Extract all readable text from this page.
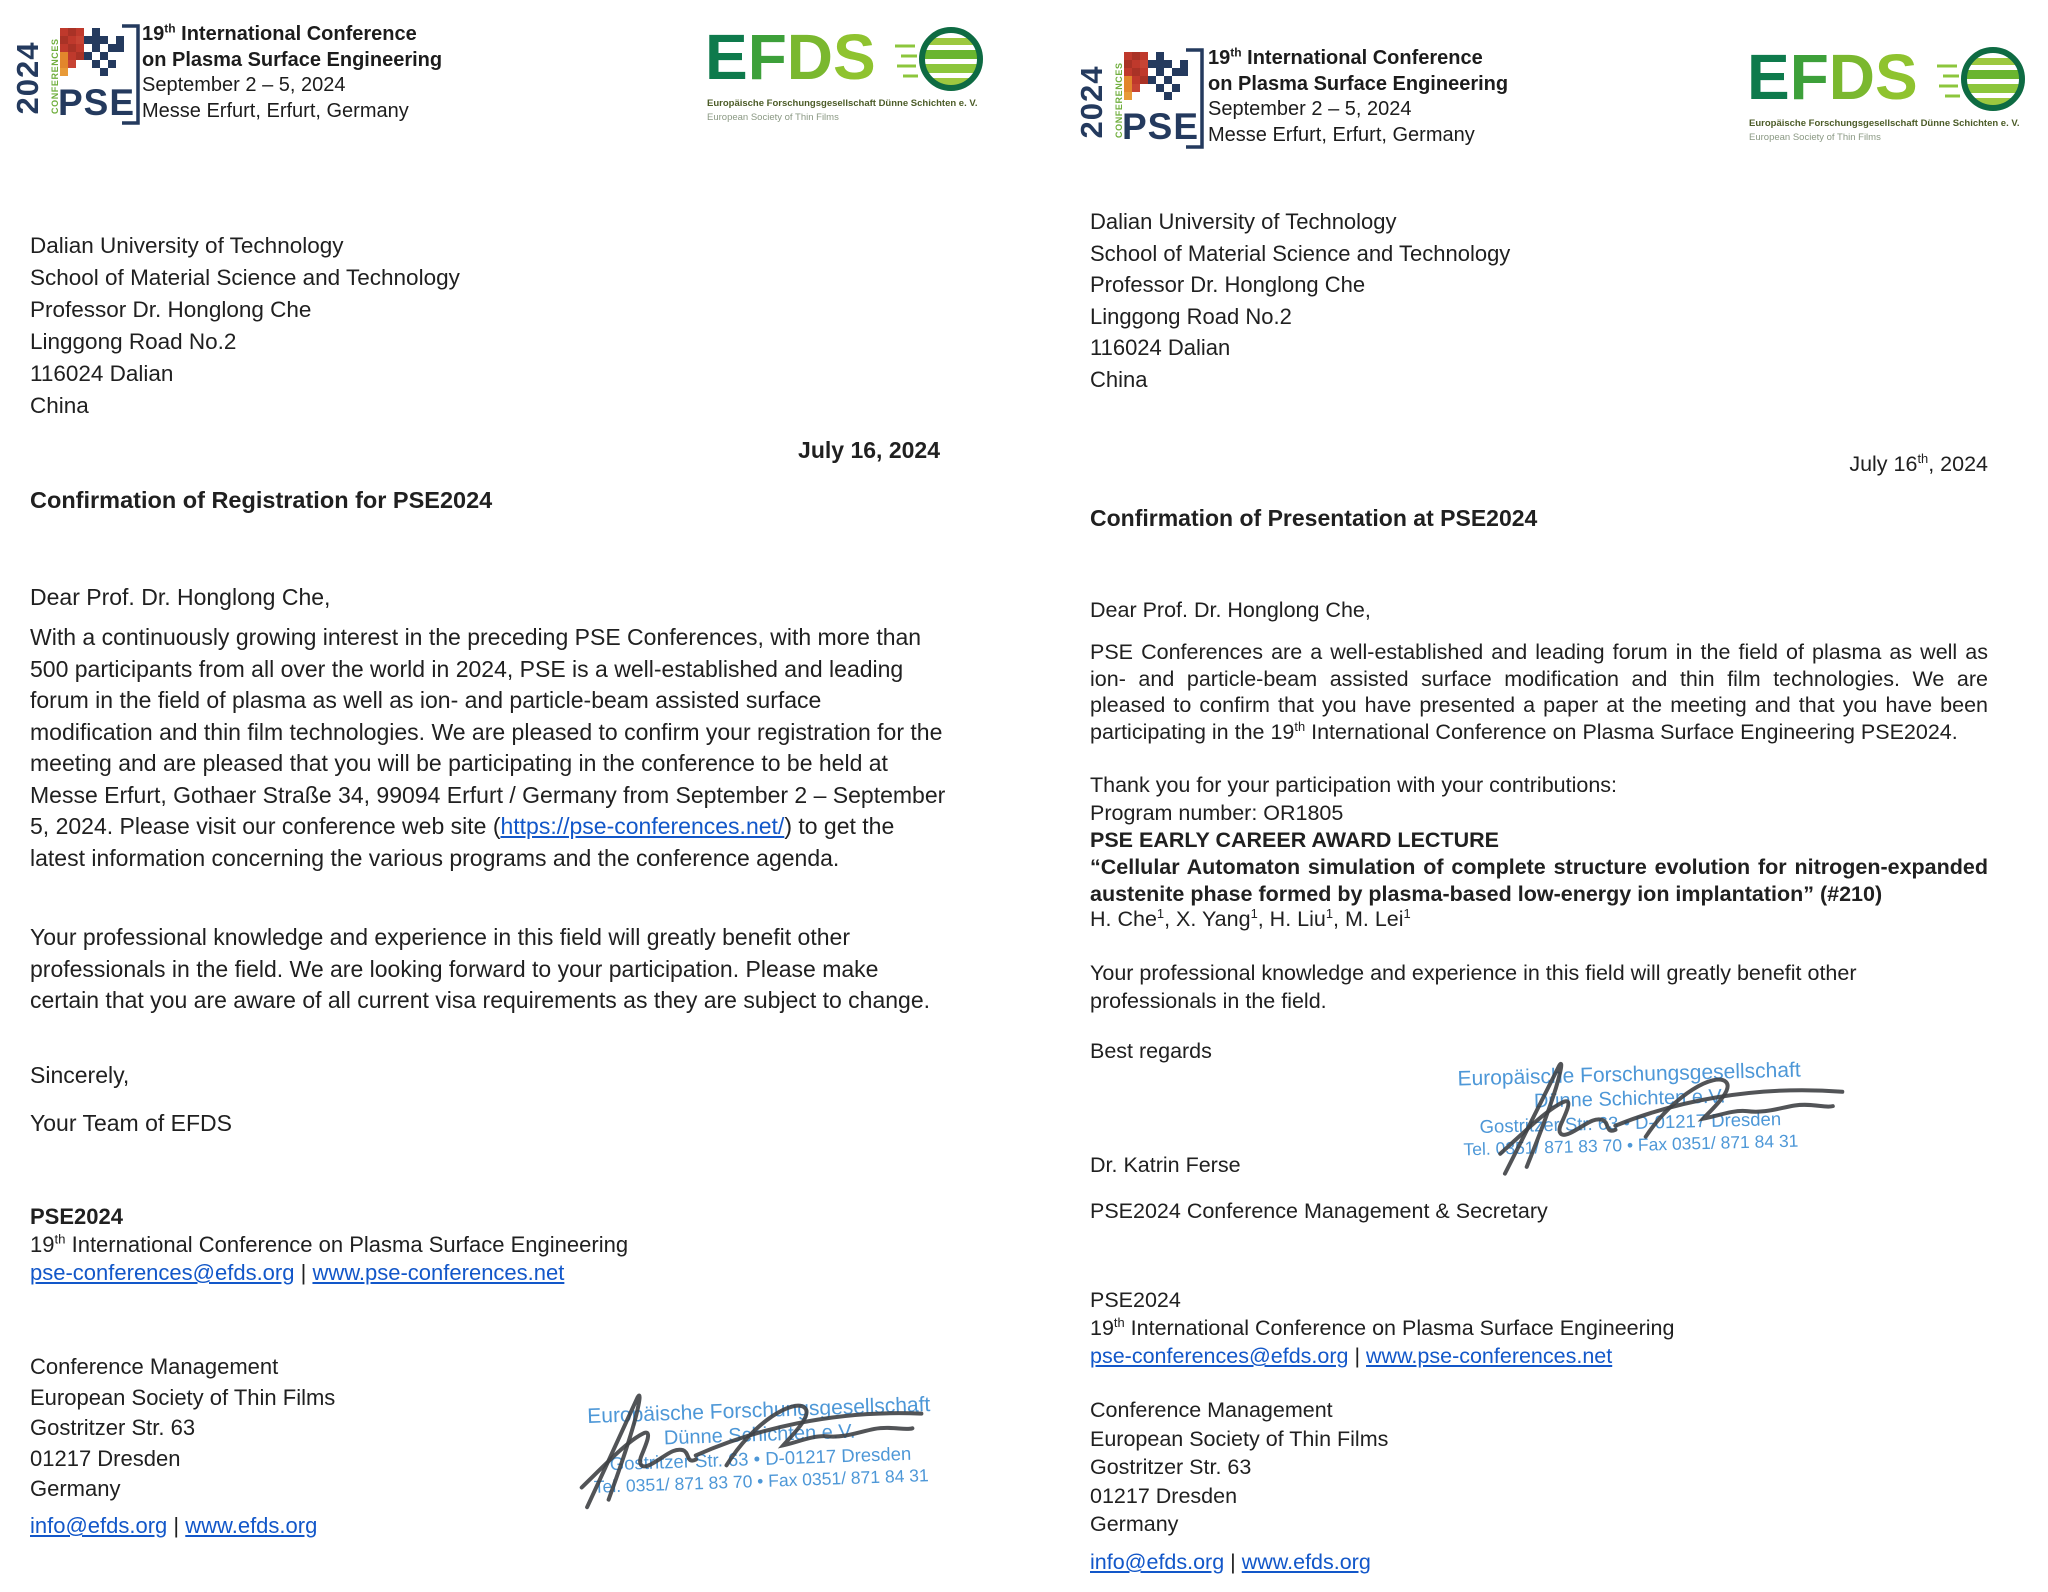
2024 CONFERENCES
PSE
19th International Conference
on Plasma Surface Engineering
September 2 – 5, 2024
Messe Erfurt, Erfurt, Germany
EFDS
Europäische Forschungsgesellschaft Dünne Schichten e. V.
European Society of Thin Films
Dalian University of Technology
School of Material Science and Technology
Professor Dr. Honglong Che
Linggong Road No.2
116024 Dalian
China
July 16, 2024
Confirmation of Registration for PSE2024
Dear Prof. Dr. Honglong Che,
With a continuously growing interest in the preceding PSE Conferences, with more than 500 participants from all over the world in 2024, PSE is a well-established and leading forum in the field of plasma as well as ion- and particle-beam assisted surface modification and thin film technologies. We are pleased to confirm your registration for the meeting and are pleased that you will be participating in the conference to be held at Messe Erfurt, Gothaer Straße 34, 99094 Erfurt / Germany from September 2 – September 5, 2024. Please visit our conference web site (https://pse-conferences.net/) to get the latest information concerning the various programs and the conference agenda.
Your professional knowledge and experience in this field will greatly benefit other professionals in the field. We are looking forward to your participation. Please make certain that you are aware of all current visa requirements as they are subject to change.
Sincerely,
Your Team of EFDS
PSE2024
19th International Conference on Plasma Surface Engineering
pse-conferences@efds.org | www.pse-conferences.net
Conference Management
European Society of Thin Films
Gostritzer Str. 63
01217 Dresden
Germany
info@efds.org | www.efds.org
Europäische Forschungsgesellschaft
Dünne Schichten e.V.
Gostritzer Str. 63 • D-01217 Dresden
Tel. 0351/ 871 83 70 • Fax 0351/ 871 84 31
2024 CONFERENCES
PSE
19th International Conference
on Plasma Surface Engineering
September 2 – 5, 2024
Messe Erfurt, Erfurt, Germany
EFDS
Europäische Forschungsgesellschaft Dünne Schichten e. V.
European Society of Thin Films
Dalian University of Technology
School of Material Science and Technology
Professor Dr. Honglong Che
Linggong Road No.2
116024 Dalian
China
July 16th, 2024
Confirmation of Presentation at PSE2024
Dear Prof. Dr. Honglong Che,
PSE Conferences are a well-established and leading forum in the field of plasma as well as ion- and particle-beam assisted surface modification and thin film technologies. We are pleased to confirm that you have presented a paper at the meeting and that you have been participating in the 19th International Conference on Plasma Surface Engineering PSE2024.
Thank you for your participation with your contributions:
Program number: OR1805
PSE EARLY CAREER AWARD LECTURE
“Cellular Automaton simulation of complete structure evolution for nitrogen-expanded austenite phase formed by plasma-based low-energy ion implantation” (#210)
H. Che$^1$, X. Yang$^1$, H. Liu$^1$, M. Lei$^1$
Your professional knowledge and experience in this field will greatly benefit other professionals in the field.
Best regards
Europäische Forschungsgesellschaft
Dünne Schichten e.V.
Gostritzer Str. 63 • D-01217 Dresden
Tel. 0351/ 871 83 70 • Fax 0351/ 871 84 31
Dr. Katrin Ferse
PSE2024 Conference Management & Secretary
PSE2024
19th International Conference on Plasma Surface Engineering
pse-conferences@efds.org | www.pse-conferences.net
Conference Management
European Society of Thin Films
Gostritzer Str. 63
01217 Dresden
Germany
info@efds.org | www.efds.org
